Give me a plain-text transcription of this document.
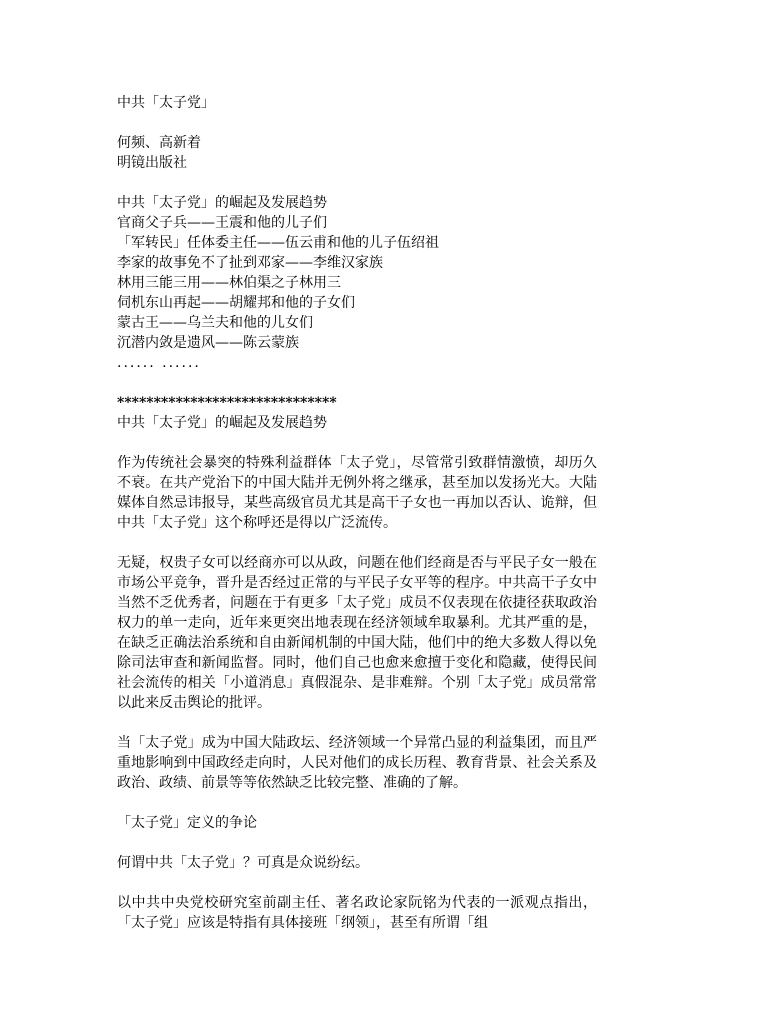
中共「太子党」
何频、高新着
明镜出版社
中共「太子党」的崛起及发展趋势
官商父子兵——王震和他的儿子们
「军转民」任体委主任——伍云甫和他的儿子伍绍祖
李家的故事免不了扯到邓家——李维汉家族
林用三能三用——林伯渠之子林用三
伺机东山再起——胡耀邦和他的子女们
蒙古王——乌兰夫和他的儿女们
沉潜内敛是遗风——陈云蒙族
...... ......
******************************
中共「太子党」的崛起及发展趋势

作为传统社会暴突的特殊利益群体「太子党」，尽管常引致群情激愤，却历久不衰。在共产党治下的中国大陆并无例外将之继承，甚至加以发扬光大。大陆媒体自然忌讳报导，某些高级官员尤其是高干子女也一再加以否认、诡辩，但中共「太子党」这个称呼还是得以广泛流传。

无疑，权贵子女可以经商亦可以从政，问题在他们经商是否与平民子女一般在市场公平竞争，晋升是否经过正常的与平民子女平等的程序。中共高干子女中当然不乏优秀者，问题在于有更多「太子党」成员不仅表现在依捷径获取政治权力的单一走向，近年来更突出地表现在经济领域牟取暴利。尤其严重的是，在缺乏正确法治系统和自由新闻机制的中国大陆，他们中的绝大多数人得以免除司法审查和新闻监督。同时，他们自己也愈来愈擅于变化和隐藏，使得民间社会流传的相关「小道消息」真假混杂、是非难辩。个别「太子党」成员常常以此来反击舆论的批评。

当「太子党」成为中国大陆政坛、经济领域一个异常凸显的利益集团，而且严重地影响到中国政经走向时，人民对他们的成长历程、教育背景、社会关系及政治、政绩、前景等等依然缺乏比较完整、准确的了解。

「太子党」定义的争论
何谓中共「太子党」？可真是众说纷纭。

以中共中央党校研究室前副主任、著名政论家阮铭为代表的一派观点指出，「太子党」应该是特指有具体接班「纲领」，甚至有所谓「组
